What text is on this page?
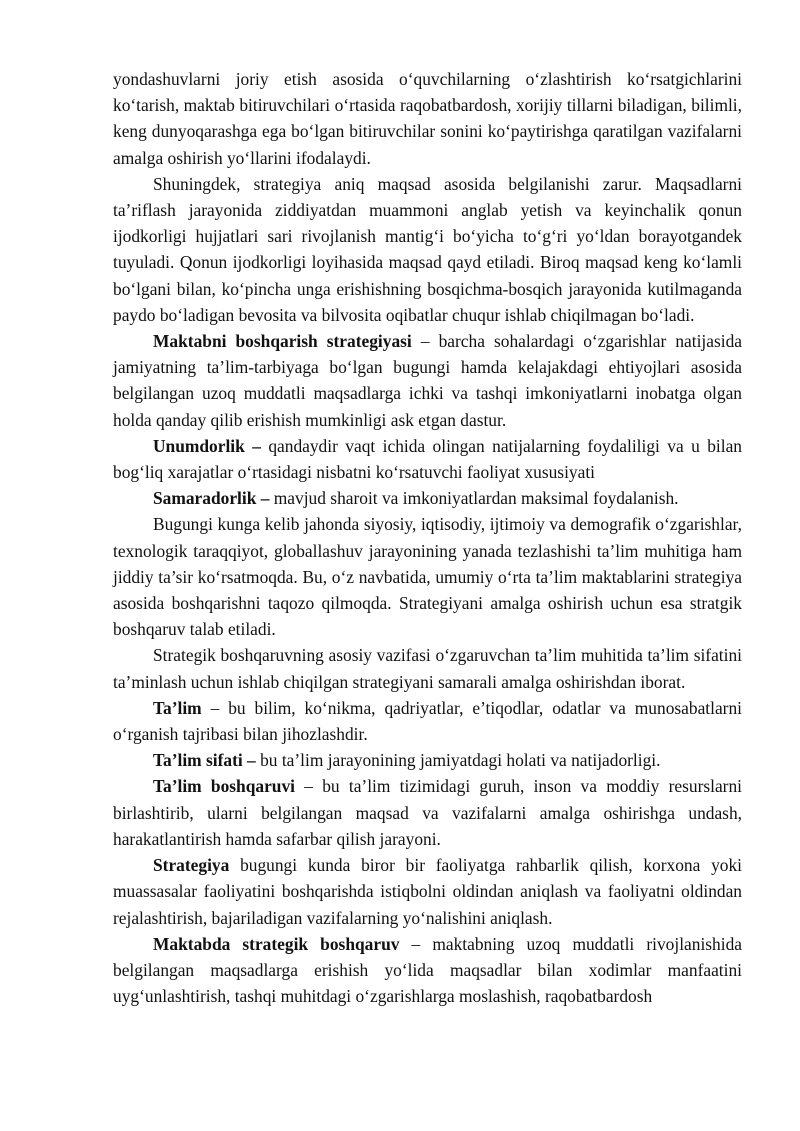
yondashuvlarni joriy etish asosida o‘quvchilarning o‘zlashtirish ko‘rsatgichlarini ko‘tarish, maktab bitiruvchilari o‘rtasida raqobatbardosh, xorijiy tillarni biladigan, bilimli, keng dunyoqarashga ega bo‘lgan bitiruvchilar sonini ko‘paytirishga qaratilgan vazifalarni amalga oshirish yo‘llarini ifodalaydi.

Shuningdek, strategiya aniq maqsad asosida belgilanishi zarur. Maqsadlarni ta’riflash jarayonida ziddiyatdan muammoni anglab yetish va keyinchalik qonun ijodkorligi hujjatlari sari rivojlanish mantig‘i bo‘yicha to‘g‘ri yo‘ldan borayotgandek tuyuladi. Qonun ijodkorligi loyihasida maqsad qayd etiladi. Biroq maqsad keng ko‘lamli bo‘lgani bilan, ko‘pincha unga erishishning bosqichma-bosqich jarayonida kutilmaganda paydo bo‘ladigan bevosita va bilvosita oqibatlar chuqur ishlab chiqilmagan bo‘ladi.

Maktabni boshqarish strategiyasi – barcha sohalardagi o‘zgarishlar natijasida jamiyatning ta’lim-tarbiyaga bo‘lgan bugungi hamda kelajakdagi ehtiyojlari asosida belgilangan uzoq muddatli maqsadlarga ichki va tashqi imkoniyatlarni inobatga olgan holda qanday qilib erishish mumkinligi ask etgan dastur.

Unumdorlik – qandaydir vaqt ichida olingan natijalarning foydaliligi va u bilan bog‘liq xarajatlar o‘rtasidagi nisbatni ko‘rsatuvchi faoliyat xususiyati

Samaradorlik – mavjud sharoit va imkoniyatlardan maksimal foydalanish.

Bugungi kunga kelib jahonda siyosiy, iqtisodiy, ijtimoiy va demografik o‘zgarishlar, texnologik taraqqiyot, globallashuv jarayonining yanada tezlashishi ta’lim muhitiga ham jiddiy ta’sir ko‘rsatmoqda. Bu, o‘z navbatida, umumiy o‘rta ta’lim maktablarini strategiya asosida boshqarishni taqozo qilmoqda. Strategiyani amalga oshirish uchun esa stratgik boshqaruv talab etiladi.

Strategik boshqaruvning asosiy vazifasi o‘zgaruvchan ta’lim muhitida ta’lim sifatini ta’minlash uchun ishlab chiqilgan strategiyani samarali amalga oshirishdan iborat.

Ta’lim – bu bilim, ko‘nikma, qadriyatlar, e’tiqodlar, odatlar va munosabatlarni o‘rganish tajribasi bilan jihozlashdir.

Ta’lim sifati – bu ta’lim jarayonining jamiyatdagi holati va natijadorligi.

Ta’lim boshqaruvi – bu ta’lim tizimidagi guruh, inson va moddiy resurslarni birlashtirib, ularni belgilangan maqsad va vazifalarni amalga oshirishga undash, harakatlantirish hamda safarbar qilish jarayoni.

Strategiya bugungi kunda biror bir faoliyatga rahbarlik qilish, korxona yoki muassasalar faoliyatini boshqarishda istiqbolni oldindan aniqlash va faoliyatni oldindan rejalashtirish, bajariladigan vazifalarning yo‘nalishini aniqlash.

Maktabda strategik boshqaruv – maktabning uzoq muddatli rivojlanishida belgilangan maqsadlarga erishish yo‘lida maqsadlar bilan xodimlar manfaatini uyg‘unlashtirish, tashqi muhitdagi o‘zgarishlarga moslashish, raqobatbardosh
